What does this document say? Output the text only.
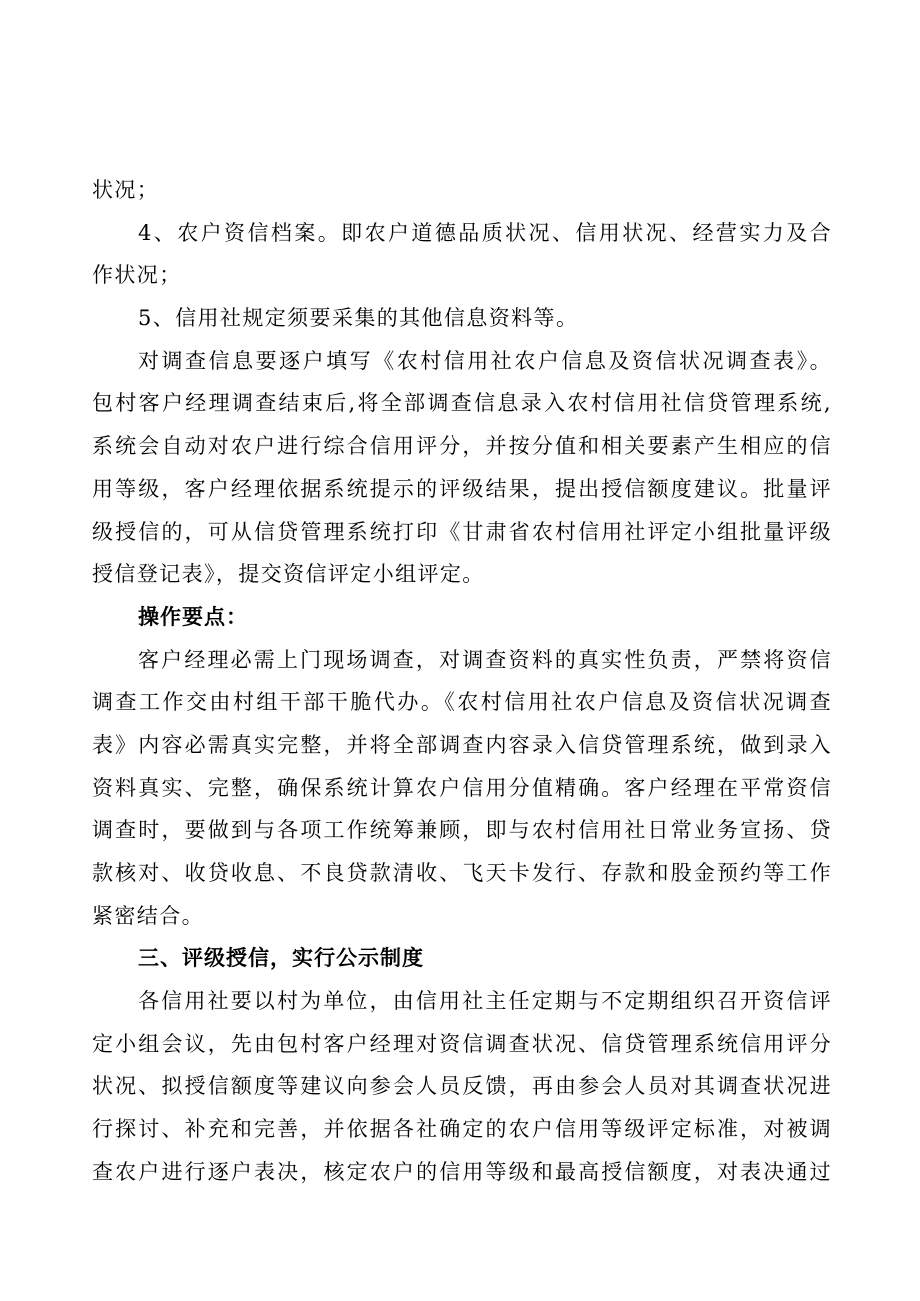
状况；
4、农户资信档案。即农户道德品质状况、信用状况、经营实力及合
作状况；
5、信用社规定须要采集的其他信息资料等。
对调查信息要逐户填写《农村信用社农户信息及资信状况调查表》。
包村客户经理调查结束后,将全部调查信息录入农村信用社信贷管理系统,
系统会自动对农户进行综合信用评分，并按分值和相关要素产生相应的信
用等级，客户经理依据系统提示的评级结果，提出授信额度建议。批量评
级授信的，可从信贷管理系统打印《甘肃省农村信用社评定小组批量评级
授信登记表》，提交资信评定小组评定。
操作要点：
客户经理必需上门现场调查，对调查资料的真实性负责，严禁将资信
调查工作交由村组干部干脆代办。《农村信用社农户信息及资信状况调查
表》内容必需真实完整，并将全部调查内容录入信贷管理系统，做到录入
资料真实、完整，确保系统计算农户信用分值精确。客户经理在平常资信
调查时，要做到与各项工作统筹兼顾，即与农村信用社日常业务宣扬、贷
款核对、收贷收息、不良贷款清收、飞天卡发行、存款和股金预约等工作
紧密结合。
三、评级授信，实行公示制度
各信用社要以村为单位，由信用社主任定期与不定期组织召开资信评
定小组会议，先由包村客户经理对资信调查状况、信贷管理系统信用评分
状况、拟授信额度等建议向参会人员反馈，再由参会人员对其调查状况进
行探讨、补充和完善，并依据各社确定的农户信用等级评定标准，对被调
查农户进行逐户表决，核定农户的信用等级和最高授信额度，对表决通过
